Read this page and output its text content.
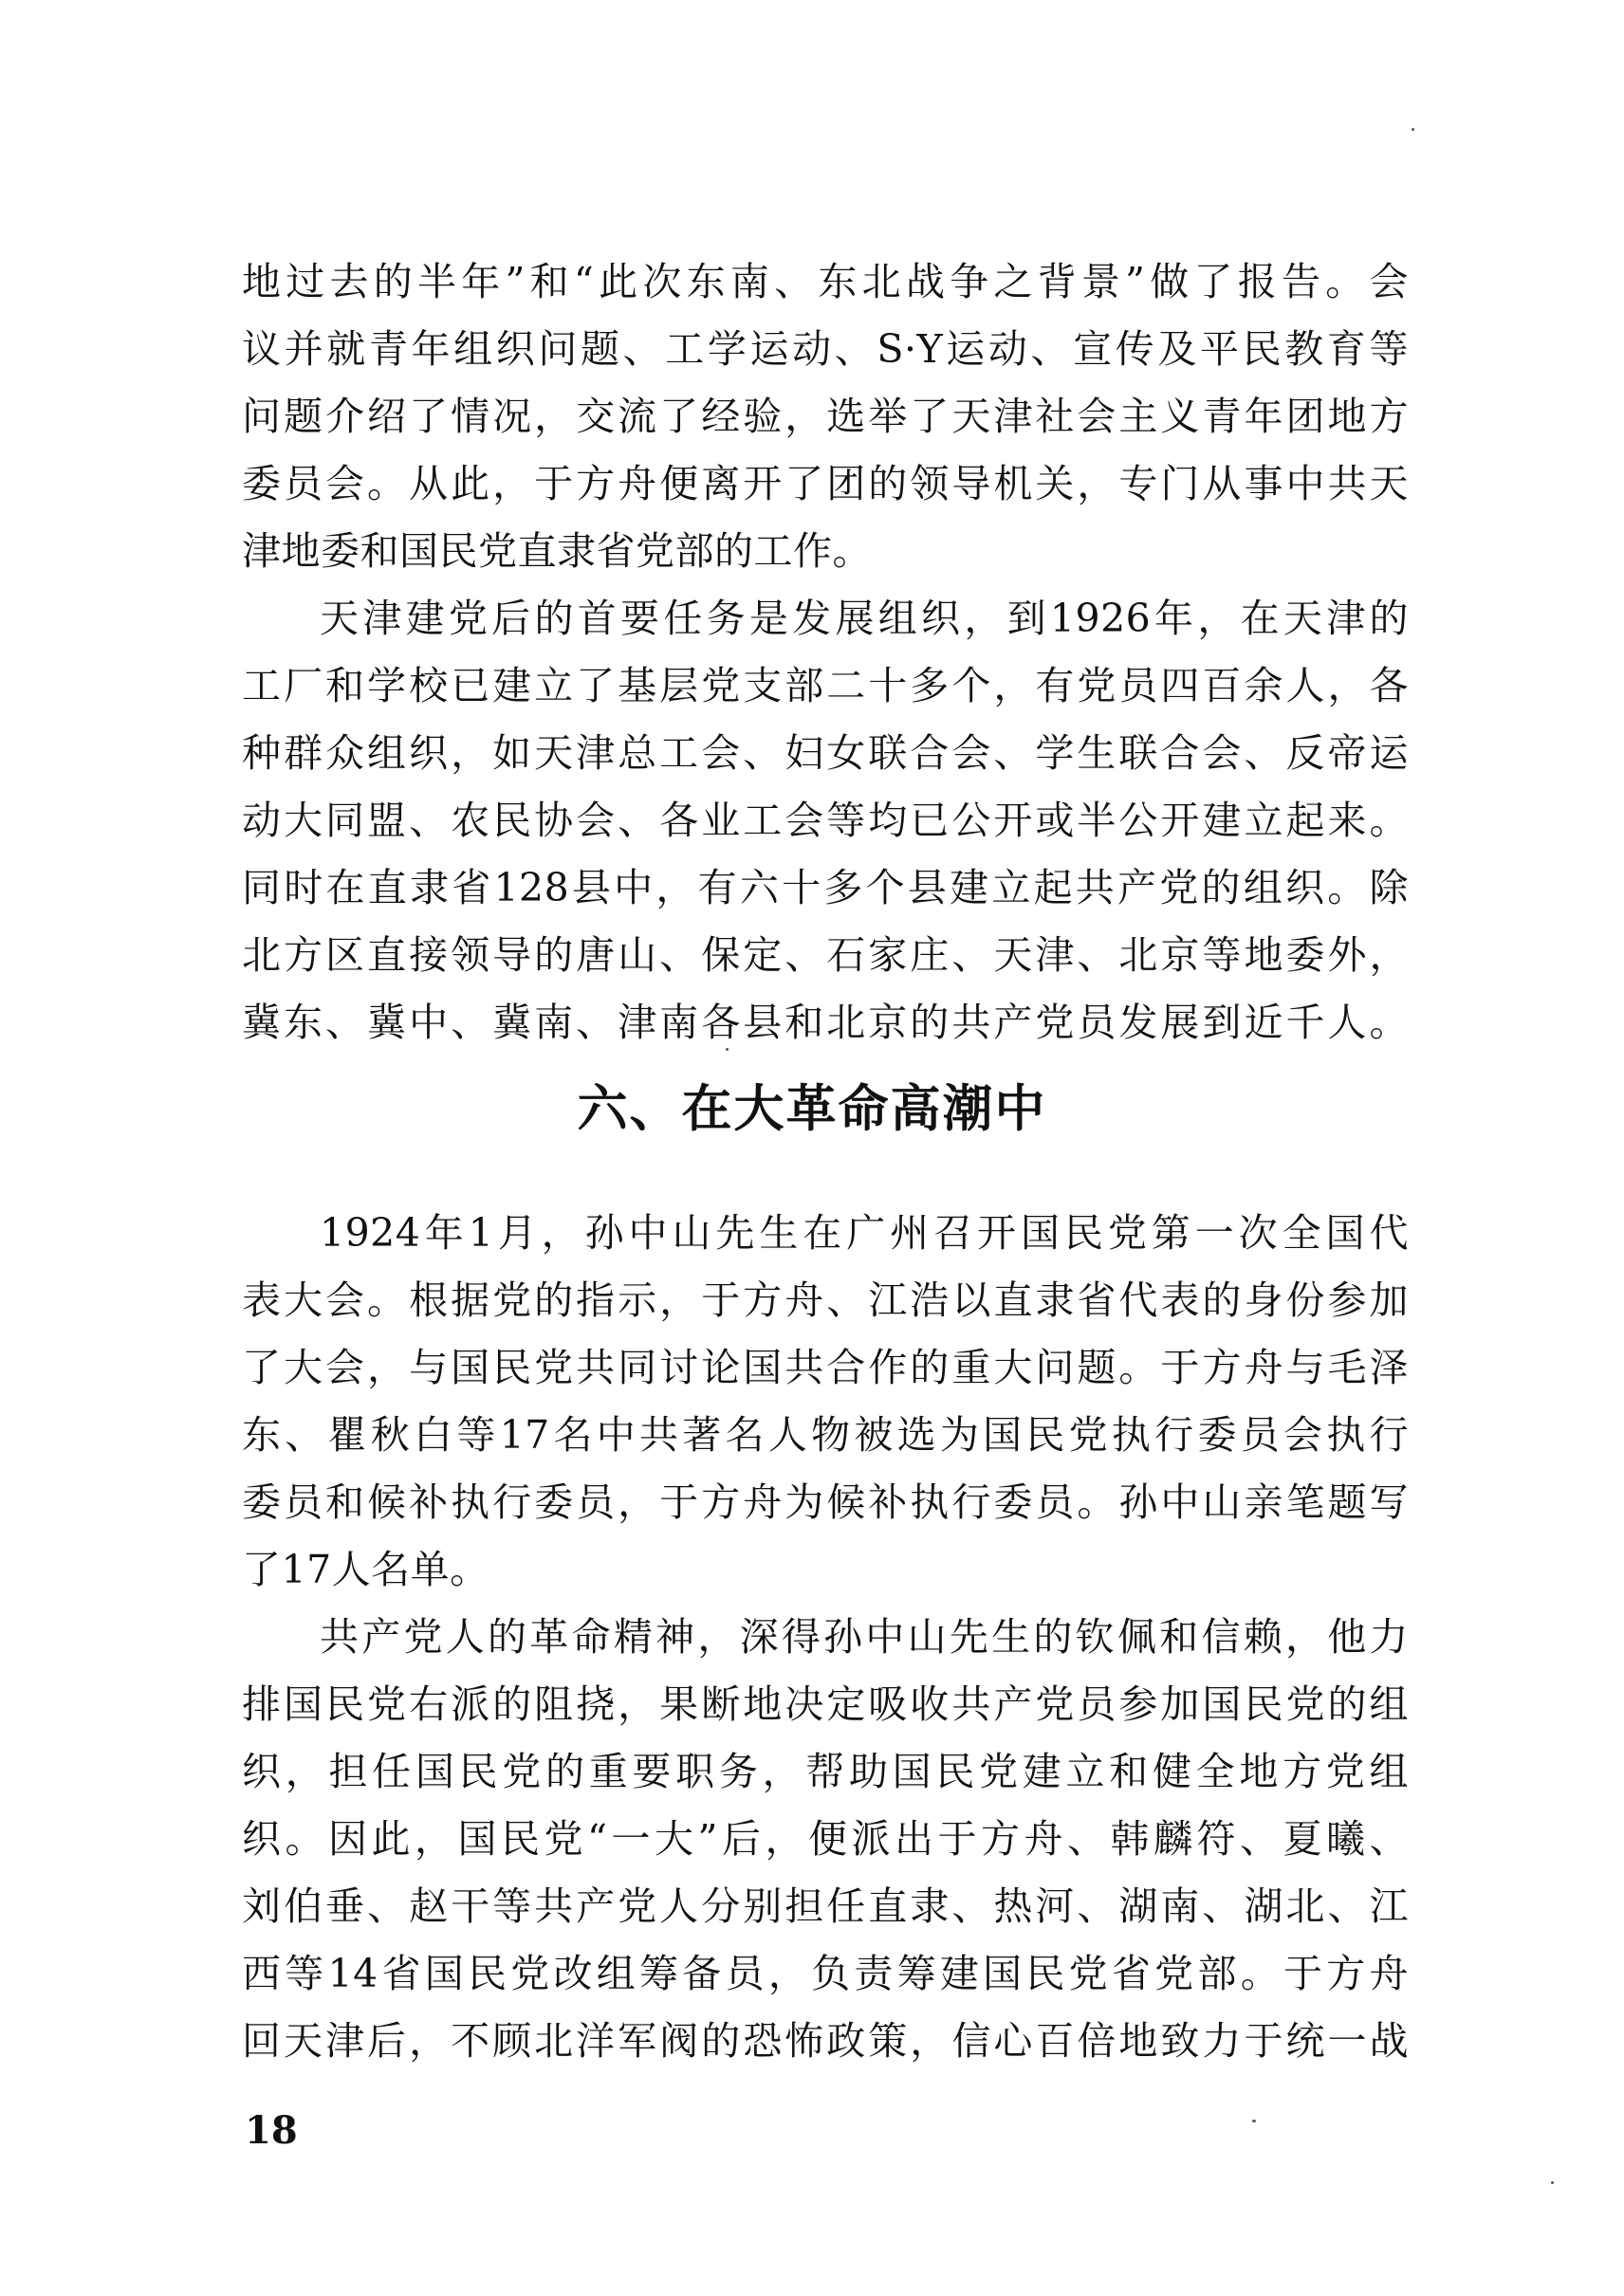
地过去的半年”和“此次东南、东北战争之背景”做了报告。会
议并就青年组织问题、工学运动、S·Y运动、宣传及平民教育等
问题介绍了情况，交流了经验，选举了天津社会主义青年团地方
委员会。从此，于方舟便离开了团的领导机关，专门从事中共天
津地委和国民党直隶省党部的工作。
天津建党后的首要任务是发展组织，到1926年，在天津的
工厂和学校已建立了基层党支部二十多个，有党员四百余人，各
种群众组织，如天津总工会、妇女联合会、学生联合会、反帝运
动大同盟、农民协会、各业工会等均已公开或半公开建立起来。
同时在直隶省128县中，有六十多个县建立起共产党的组织。除
北方区直接领导的唐山、保定、石家庄、天津、北京等地委外，
冀东、冀中、冀南、津南各县和北京的共产党员发展到近千人。
六、在大革命高潮中
1924年1月，孙中山先生在广州召开国民党第一次全国代
表大会。根据党的指示，于方舟、江浩以直隶省代表的身份参加
了大会，与国民党共同讨论国共合作的重大问题。于方舟与毛泽
东、瞿秋白等17名中共著名人物被选为国民党执行委员会执行
委员和候补执行委员，于方舟为候补执行委员。孙中山亲笔题写
了17人名单。
共产党人的革命精神，深得孙中山先生的钦佩和信赖，他力
排国民党右派的阻挠，果断地决定吸收共产党员参加国民党的组
织，担任国民党的重要职务，帮助国民党建立和健全地方党组
织。因此，国民党“一大”后，便派出于方舟、韩麟符、夏曦、
刘伯垂、赵干等共产党人分别担任直隶、热河、湖南、湖北、江
西等14省国民党改组筹备员，负责筹建国民党省党部。于方舟
回天津后，不顾北洋军阀的恐怖政策，信心百倍地致力于统一战
18
